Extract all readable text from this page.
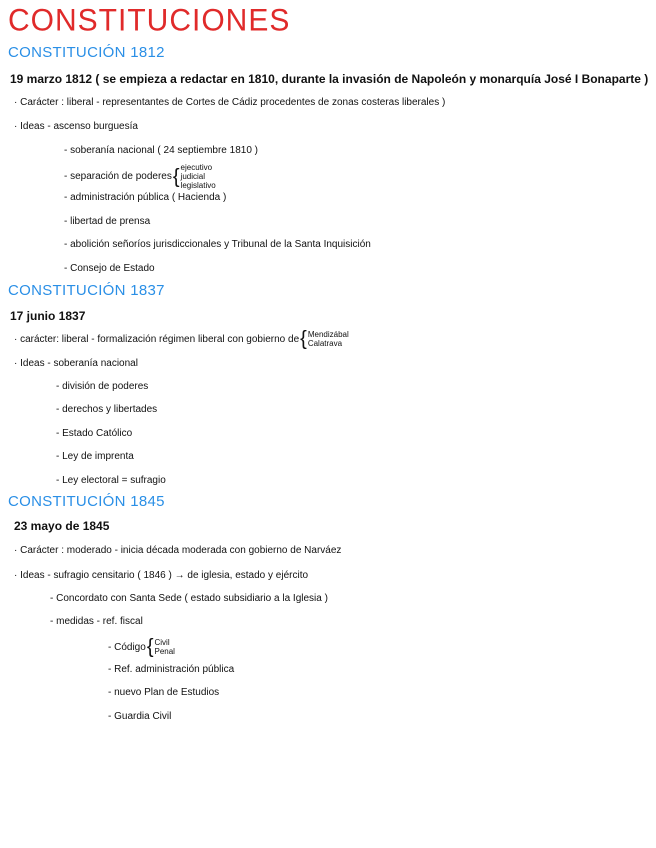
CONSTITUCIONES
CONSTITUCIÓN 1812
19 marzo 1812 ( se empieza a redactar en 1810, durante la invasión de Napoleón y monarquía José I Bonaparte )
· Carácter : liberal - representantes de Cortes de Cádiz procedentes de zonas costeras liberales )
· Ideas - ascenso burguesía
- soberanía nacional ( 24 septiembre 1810 )
- separación de poderes { ejecutivo
judicial
legislativo
- administración pública ( Hacienda )
- libertad de prensa
- abolición señoríos jurisdiccionales y Tribunal de la Santa Inquisición
- Consejo de Estado
CONSTITUCIÓN 1837
17 junio 1837
· carácter: liberal - formalización régimen liberal con gobierno de { Mendizábal
Calatrava
· Ideas - soberanía nacional
- división de poderes
- derechos y libertades
- Estado Católico
- Ley de imprenta
- Ley electoral = sufragio
CONSTITUCIÓN 1845
23 mayo de 1845
· Carácter : moderado - inicia década moderada con gobierno de Narváez
· Ideas - sufragio censitario ( 1846 ) → de iglesia, estado y ejército
- Concordato con Santa Sede ( estado subsidiario a la Iglesia )
- medidas - ref. fiscal
- Código { Civil
Penal
- Ref. administración pública
- nuevo Plan de Estudios
- Guardia Civil
